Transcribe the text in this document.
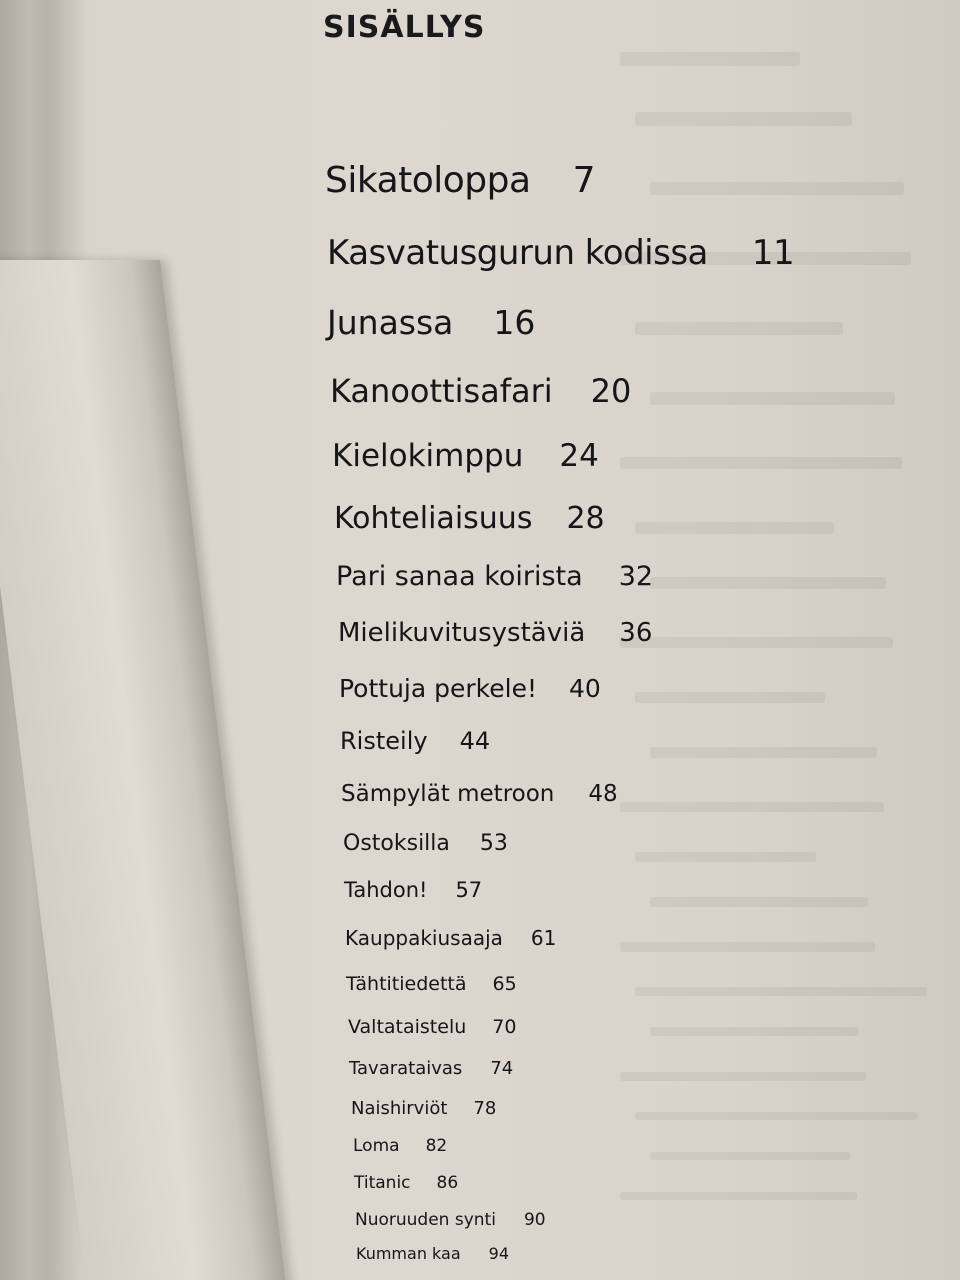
SISÄLLYS
Sikatoloppa 7
Kasvatusgurun kodissa 11
Junassa 16
Kanoottisafari 20
Kielokimppu 24
Kohteliaisuus 28
Pari sanaa koirista 32
Mielikuvitusystäviä 36
Pottuja perkele! 40
Risteily 44
Sämpylät metroon 48
Ostoksilla 53
Tahdon! 57
Kauppakiusaaja 61
Tähtitiedettä 65
Valtataistelu 70
Tavarataivas 74
Naishirviöt 78
Loma 82
Titanic 86
Nuoruuden synti 90
Kumman kaa 94
